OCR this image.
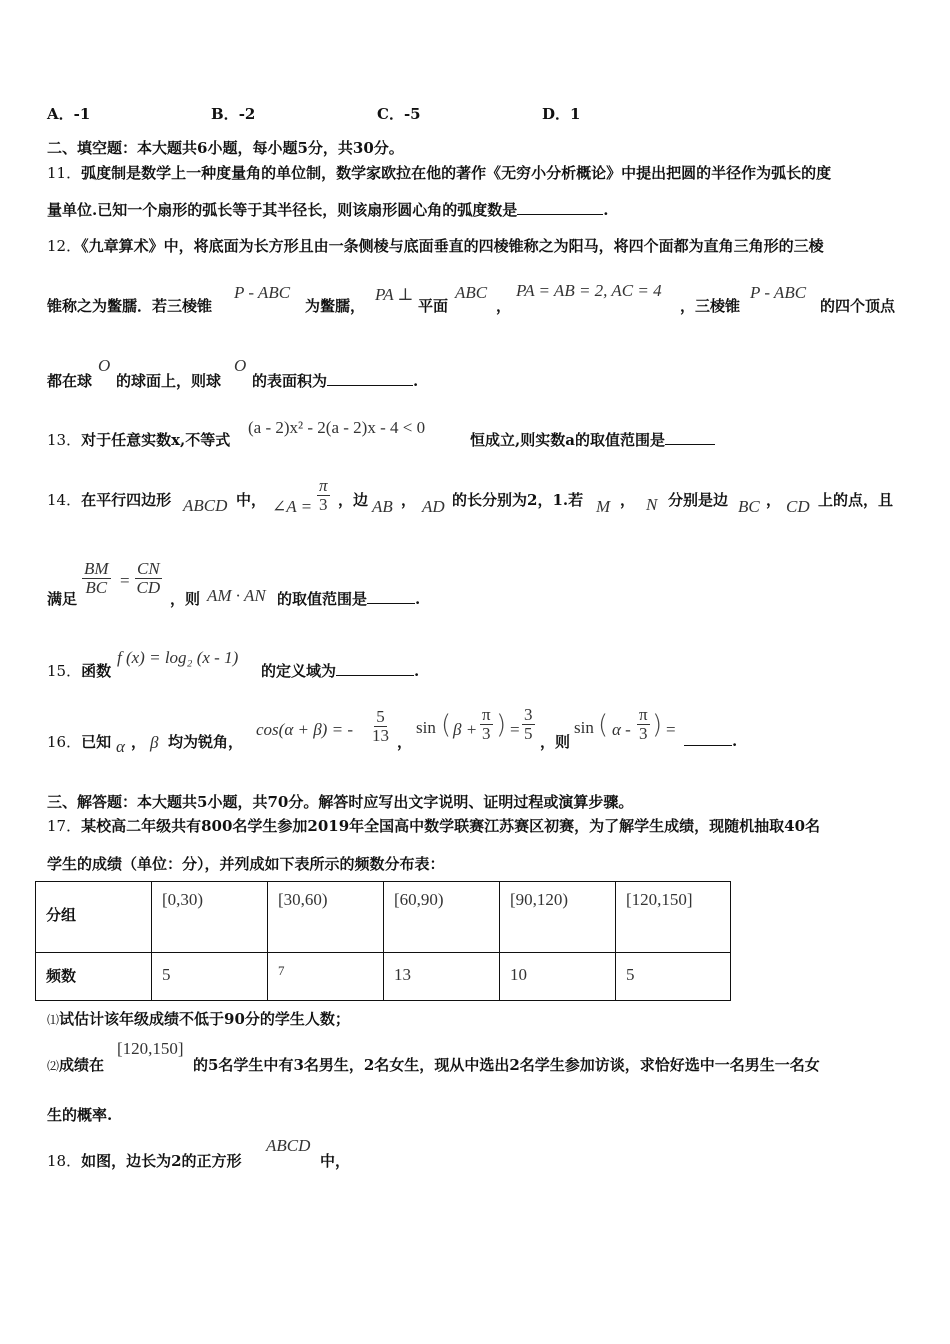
A．-1	B．-2	C．-5	D．1
二、填空题：本大题共6小题，每小题5分，共30分。
11．弧度制是数学上一种度量角的单位制，数学家欧拉在他的著作《无穷小分析概论》中提出把圆的半径作为弧长的度
量单位.已知一个扇形的弧长等于其半径长，则该扇形圆心角的弧度数是	.
12．《九章算术》中，将底面为长方形且由一条侧棱与底面垂直的四棱锥称之为阳马，将四个面都为直角三角形的三棱
锥称之为鳖臑．若三棱锥
P - ABC
为鳖臑，
PA ⊥
平面
ABC
，
PA = AB = 2, AC = 4
，三棱锥
P - ABC
的四个顶点
都在球
O
的球面上，则球
O
的表面积为	.
13．对于任意实数x,不等式
(a - 2)x² - 2(a - 2)x - 4 < 0
恒成立,则实数a的取值范围是
14．在平行四边形 ABCD 中， ∠A = $\frac{\pi}{3}$ ，边 AB ， AD 的长分别为2，1.若 M ， N 分别是边 BC ， CD 上的点，且
满足
$\frac{BM}{BC} = \frac{CN}{CD}$
，则 AM · AN 的取值范围是	.
15．函数
f (x) = log₂ (x - 1)
的定义域为	.
16．已知 α ， β 均为锐角，
cos(α + β) = - $\frac{5}{13}$ ，
sin ( $\beta + \frac{\pi}{3}$ ) = $\frac{3}{5}$ ，则
sin ( α - $\frac{\pi}{3}$ ) =
.
三、解答题：本大题共5小题，共70分。解答时应写出文字说明、证明过程或演算步骤。
17．某校高二年级共有800名学生参加2019年全国高中数学联赛江苏赛区初赛，为了解学生成绩，现随机抽取40名
学生的成绩（单位：分），并列成如下表所示的频数分布表：
分组	[0,30)	[30,60)	[60,90)	[90,120)	[120,150]

频数	5	7	13	10	5
⑴试估计该年级成绩不低于90分的学生人数；
⑵成绩在
[120,150]
的5名学生中有3名男生，2名女生，现从中选出2名学生参加访谈，求恰好选中一名男生一名女
生的概率.
18．如图，边长为2的正方形
ABCD
中，
